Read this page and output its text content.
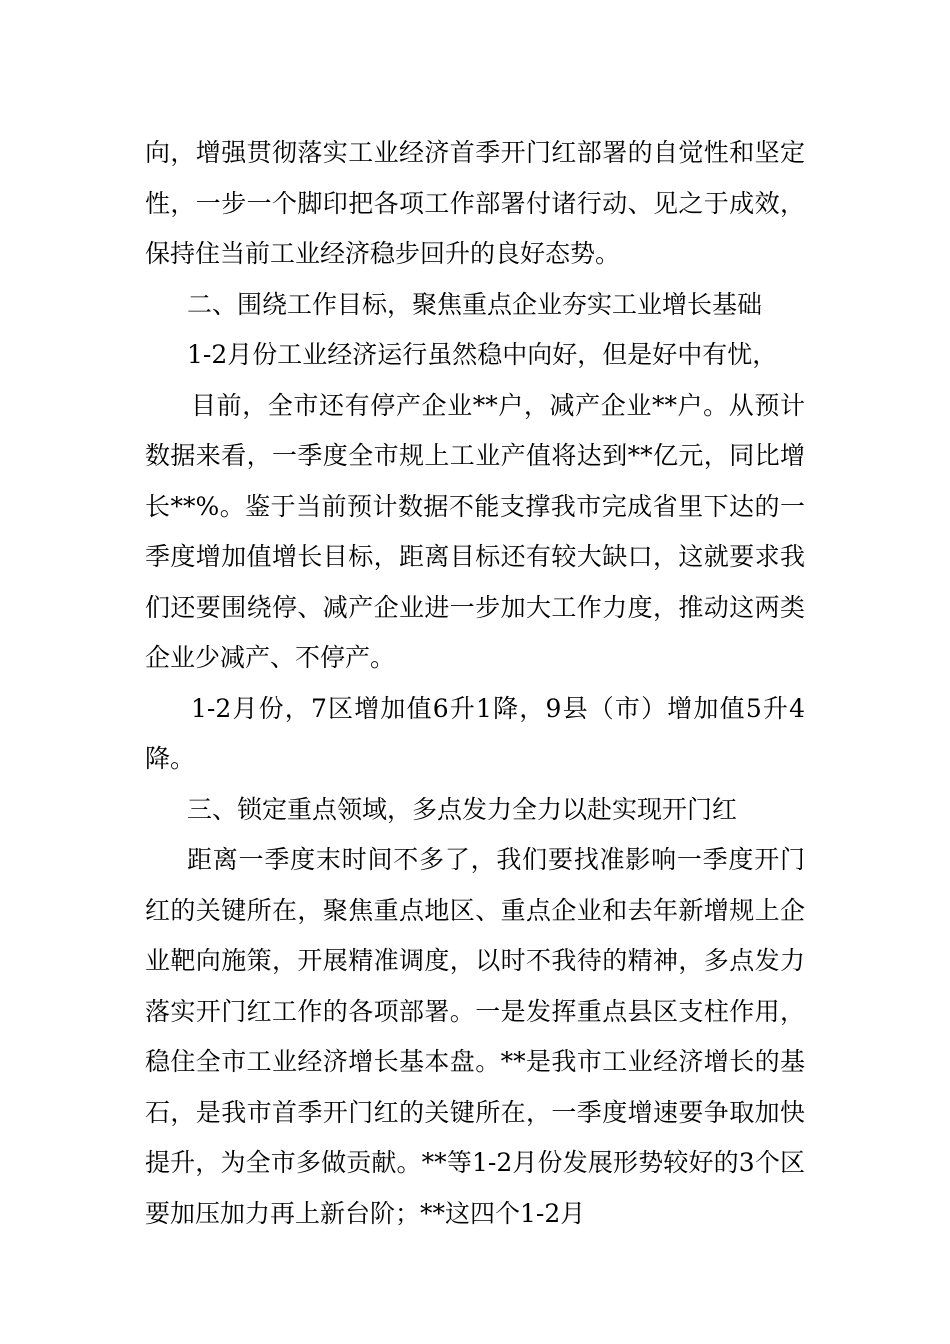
向，增强贯彻落实工业经济首季开门红部署的自觉性和坚定性，一步一个脚印把各项工作部署付诸行动、见之于成效，保持住当前工业经济稳步回升的良好态势。

二、围绕工作目标，聚焦重点企业夯实工业增长基础

1-2月份工业经济运行虽然稳中向好，但是好中有忧，

目前，全市还有停产企业**户，减产企业**户。从预计数据来看，一季度全市规上工业产值将达到**亿元，同比增长**%。鉴于当前预计数据不能支撑我市完成省里下达的一季度增加值增长目标，距离目标还有较大缺口，这就要求我们还要围绕停、减产企业进一步加大工作力度，推动这两类企业少减产、不停产。

1-2月份，7区增加值6升1降，9县（市）增加值5升4降。

三、锁定重点领域，多点发力全力以赴实现开门红

距离一季度末时间不多了，我们要找准影响一季度开门红的关键所在，聚焦重点地区、重点企业和去年新增规上企业靶向施策，开展精准调度，以时不我待的精神，多点发力落实开门红工作的各项部署。一是发挥重点县区支柱作用，稳住全市工业经济增长基本盘。**是我市工业经济增长的基石，是我市首季开门红的关键所在，一季度增速要争取加快提升，为全市多做贡献。**等1-2月份发展形势较好的3个区要加压加力再上新台阶；**这四个1-2月
